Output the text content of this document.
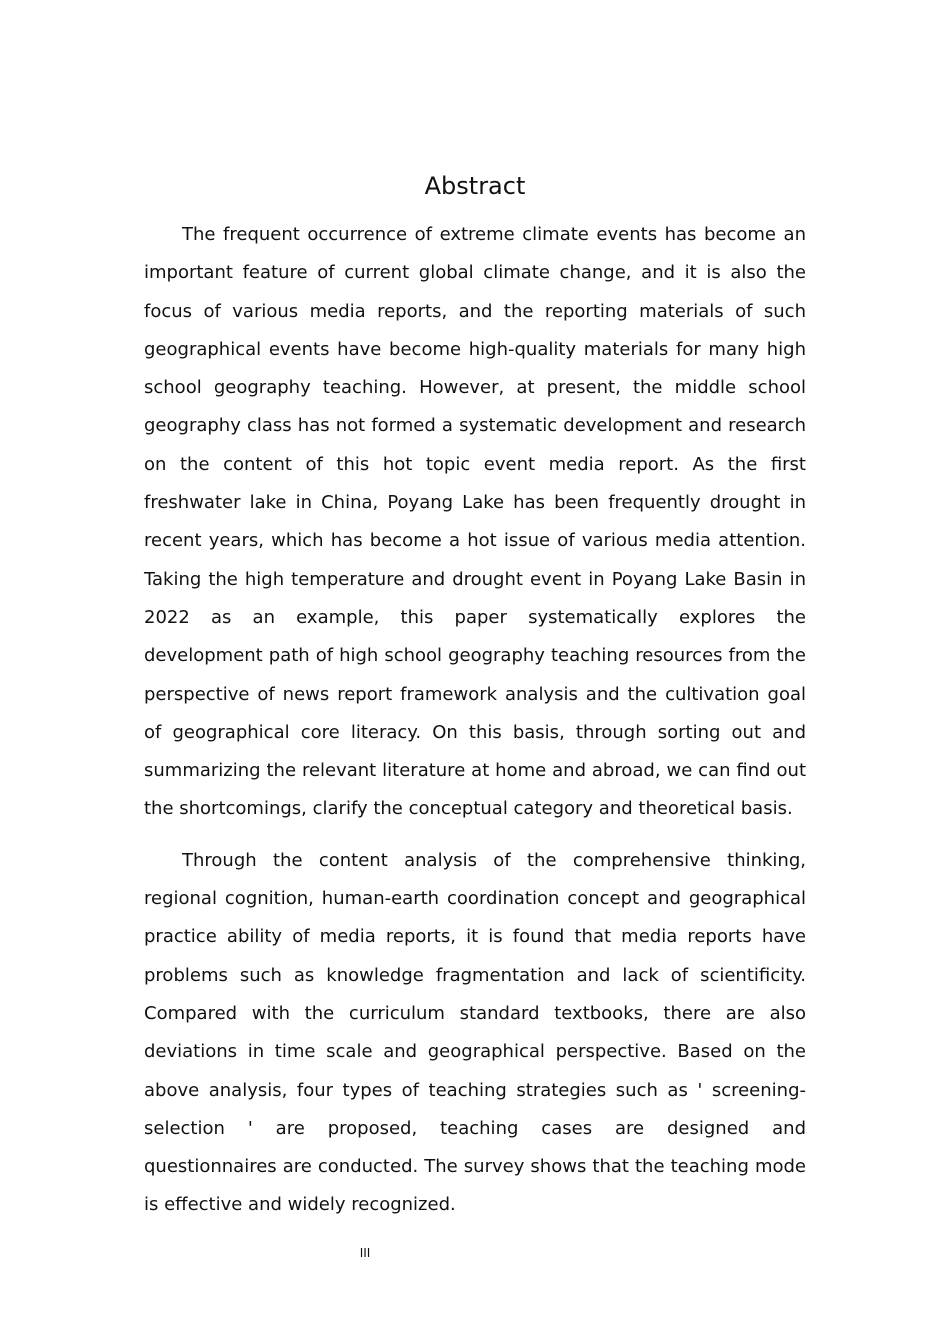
Abstract

The frequent occurrence of extreme climate events has become an important feature of current global climate change, and it is also the focus of various media reports, and the reporting materials of such geographical events have become high-quality materials for many high school geography teaching. However, at present, the middle school geography class has not formed a systematic development and research on the content of this hot topic event media report. As the first freshwater lake in China, Poyang Lake has been frequently drought in recent years, which has become a hot issue of various media attention. Taking the high temperature and drought event in Poyang Lake Basin in 2022 as an example, this paper systematically explores the development path of high school geography teaching resources from the perspective of news report framework analysis and the cultivation goal of geographical core literacy. On this basis, through sorting out and summarizing the relevant literature at home and abroad, we can find out the shortcomings, clarify the conceptual category and theoretical basis.

Through the content analysis of the comprehensive thinking, regional cognition, human-earth coordination concept and geographical practice ability of media reports, it is found that media reports have problems such as knowledge fragmentation and lack of scientificity. Compared with the curriculum standard textbooks, there are also deviations in time scale and geographical perspective. Based on the above analysis, four types of teaching strategies such as ' screening-selection ' are proposed, teaching cases are designed and questionnaires are conducted. The survey shows that the teaching mode is effective and widely recognized.

III
